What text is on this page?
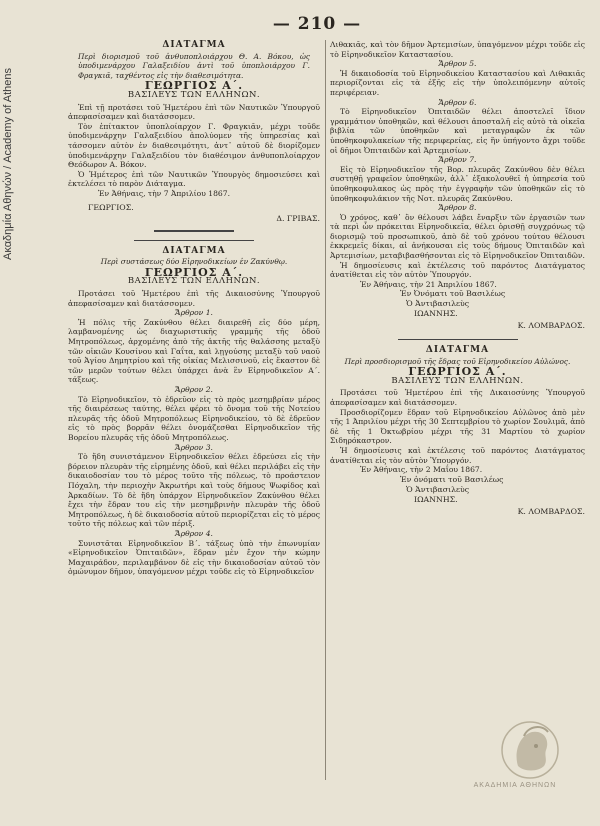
Ακαδημία Αθηνών / Academy of Athens
— 210 —
ΔΙΑΤΑΓΜΑ
Περὶ διορισμοῦ τοῦ ἀνθυποπλοιάρχου Θ. Α. Βόκου, ὡς ὑποδιμενάρχου Γαλαξειδίου ἀντὶ τοῦ ὑποπλοιάρχου Γ. Φραγκιᾶ, ταχθέντος εἰς τὴν διαθεσιμότητα.
ΓΕΩΡΓΙΟΣ Α΄.
ΒΑΣΙΛΕΥΣ ΤΩΝ ΕΛΛΗΝΩΝ.

Ἐπὶ τῇ προτάσει τοῦ Ἡμετέρου ἐπὶ τῶν Ναυτικῶν Ὑπουργοῦ ἀπεφασίσαμεν καὶ διατάσσομεν.

Τὸν ἐπίτακτον ὑποπλοίαρχον Γ. Φραγκιᾶν, μέχρι τοῦδε ὑποδιμενάρχην Γαλαξειδίου ἀπολύομεν τῆς ὑπηρεσίας καὶ τάσσομεν αὐτὸν ἐν διαθεσιμότητι, ἀντ᾽ αὐτοῦ δὲ διορίζομεν ὑποδιμενάρχην Γαλαξειδίου τὸν διαθέσιμον ἀνθυποπλοίαρχον Θεόδωρον Α. Βόκον.

Ὁ Ἡμέτερος ἐπὶ τῶν Ναυτικῶν Ὑπουργὸς δημοσιεύσει καὶ ἐκτελέσει τὸ παρὸν Διάταγμα.

Ἐν Ἀθήναις, τὴν 7 Ἀπριλίου 1867.

ΓΕΩΡΓΙΟΣ.
Δ. ΓΡΙΒΑΣ.
ΔΙΑΤΑΓΜΑ
Περὶ συστάσεως δύο Εἰρηνοδικείων ἐν Ζακύνθῳ.
ΓΕΩΡΓΙΟΣ Α΄.
ΒΑΣΙΛΕΥΣ ΤΩΝ ΕΛΛΗΝΩΝ.

Προτάσει τοῦ Ἡμετέρου ἐπὶ τῆς Δικαιοσύνης Ὑπουργοῦ ἀπεφασίσαμεν καὶ διατάσσομεν.

Ἄρθρον 1.

Ἡ πόλις τῆς Ζακύνθου θέλει διαιρεθῆ εἰς δύο μέρη, λαμβανομένης ὡς διαχωριστικῆς γραμμῆς τῆς ὁδοῦ Μητροπόλεως, ἀρχομένης ἀπὸ τῆς ἀκτῆς τῆς θαλάσσης μεταξὺ τῶν οἰκιῶν Κουσίνου καὶ Γαΐτα, καὶ λῃγούσης μεταξὺ τοῦ ναοῦ τοῦ Ἁγίου Δημητρίου καὶ τῆς οἰκίας Μελισσινοῦ, εἰς ἕκαστον δὲ τῶν μερῶν τούτων θέλει ὑπάρχει ἀνὰ ἓν Εἰρηνοδικεῖον Α΄. τάξεως.

Ἄρθρον 2.

Τὸ Εἰρηνοδικεῖον, τὸ ἑδρεῦον εἰς τὸ πρὸς μεσημβρίαν μέρος τῆς διαιρέσεως ταύτης, θέλει φέρει τὸ ὄνομα τοῦ τῆς Νοτείου πλευρᾶς τῆς ὁδοῦ Μητροπόλεως Εἰρηνοδικείου, τὸ δὲ ἑδρεῦον εἰς τὸ πρὸς βορρᾶν θέλει ὀνομάζεσθαι Εἰρηνοδικεῖον τῆς Βορείου πλευρᾶς τῆς ὁδοῦ Μητροπόλεως.

Ἄρθρον 3.

Τὸ ἤδη συνιστάμενον Εἰρηνοδικεῖον θέλει ἑδρεύσει εἰς τὴν βόρειον πλευρὰν τῆς εἰρημένης ὁδοῦ, καὶ θέλει περιλάβει εἰς τὴν δικαιοδοσίαν του τὸ μέρος τοῦτο τῆς πόλεως, τὸ προάστειον Πόχαλη, τὴν περιοχὴν Ἀκρωτήρι καὶ τοὺς δήμους Ψωφίδος καὶ Ἀρκαδίων. Τὸ δὲ ἤδη ὑπάρχον Εἰρηνοδικεῖον Ζακύνθου θέλει ἔχει τὴν ἕδραν του εἰς τὴν μεσημβρινὴν πλευρὰν τῆς ὁδοῦ Μητροπόλεως, ἡ δὲ δικαιοδοσία αὐτοῦ περιορίζεται εἰς τὸ μέρος τοῦτο τῆς πόλεως καὶ τῶν πέριξ.

Ἄρθρον 4.

Συνιστᾶται Εἰρηνοδικεῖον Β΄. τάξεως ὑπὸ τὴν ἐπωνυμίαν «Εἰρηνοδικεῖον Ὀπιταιδῶν», ἕδραν μὲν ἔχον τὴν κώμην Μαχαιράδον, περιλαμβάνον δὲ εἰς τὴν δικαιοδοσίαν αὐτοῦ τὸν ὁμώνυμον δῆμον, ὑπαγόμενον μέχρι τοῦδε εἰς τὸ Εἰρηνοδικεῖον

Λιθακιᾶς, καὶ τὸν δῆμον Ἀρτεμισίων, ὑπαγόμενον μέχρι τοῦδε εἰς τὸ Εἰρηνοδικεῖον Καταστασίου.

Ἄρθρον 5.

Ἡ δικαιοδοσία τοῦ Εἰρηνοδικείου Καταστασίου καὶ Λιθακιᾶς περιορίζονται εἰς τὰ ἐξῆς εἰς τὴν ὑπολειπόμενην αὐτοῖς περιφέρειαν.

Ἄρθρον 6.

Τὸ Εἰρηνοδικεῖον Ὀπιταιδῶν θέλει ἀποστελεῖ ἴδιον γραμμάτιον ὑποθηκῶν, καὶ θέλουσι ἀποσταλῆ εἰς αὐτὸ τὰ οἰκεῖα βιβλία τῶν ὑποθηκῶν καὶ μεταγραφῶν ἐκ τῶν ὑποθηκοφυλακείων τῆς περιφερείας, εἰς ἣν ὑπήγοντο ἄχρι τοῦδε οἱ δῆμοι Ὀπιταιδῶν καὶ Ἀρτεμισίων.

Ἄρθρον 7.

Εἰς τὸ Εἰρηνοδικεῖον τῆς Βορ. πλευρᾶς Ζακύνθου δὲν θέλει συστηθῇ γραφεῖον ὑποθηκῶν, ἀλλ᾽ ἐξακολουθεῖ ἡ ὑπηρεσία τοῦ ὑποθηκοφυλακος ὡς πρὸς τὴν ἐγγραφὴν τῶν ὑποθηκῶν εἰς τὸ ὑποθηκοφυλάκιον τῆς Νοτ. πλευρᾶς Ζακύνθου.

Ἄρθρον 8.

Ὁ χρόνος, καθ᾽ ὃν θέλουσι λάβει ἔναρξιν τῶν ἐργασιῶν των τὰ περὶ ὧν πρόκειται Εἰρηνοδικεῖα, θέλει ὁρισθῇ συγχρόνως τῷ διορισμῷ τοῦ προσωπικοῦ, ἀπὸ δὲ τοῦ χρόνου τούτου θέλουσι ἐκκρεμεῖς δίκαι, αἱ ἀνήκουσαι εἰς τοὺς δήμους Ὀπιταιδῶν καὶ Ἀρτεμισίων, μεταβιβασθήσονται εἰς τὸ Εἰρηνοδικεῖον Ὀπιταιδῶν.

Ἡ δημοσίευσις καὶ ἐκτέλεσις τοῦ παρόντος Διατάγματος ἀνατίθεται εἰς τὸν αὐτὸν Ὑπουργόν.

Ἐν Ἀθήναις, τὴν 21 Ἀπριλίου 1867.

Ἐν Ὀνόματι τοῦ Βασιλέως
Ὁ Ἀντιβασιλεὺς
ΙΩΑΝΝΗΣ.
Κ. ΛΟΜΒΑΡΔΟΣ.
ΔΙΑΤΑΓΜΑ
Περὶ προσδιορισμοῦ τῆς ἕδρας τοῦ Εἰρηνοδικείου Αὐλώνος.
ΓΕΩΡΓΙΟΣ Α΄.
ΒΑΣΙΛΕΥΣ ΤΩΝ ΕΛΛΗΝΩΝ.

Προτάσει τοῦ Ἡμετέρου ἐπὶ τῆς Δικαιοσύνης Ὑπουργοῦ ἀπεφασίσαμεν καὶ διατάσσομεν.

Προσδιορίζομεν ἕδραν τοῦ Εἰρηνοδικείου Αὐλῶνος ἀπὸ μὲν τῆς 1 Ἀπριλίου μέχρι τῆς 30 Σεπτεμβρίου τὸ χωρίον Σουλιμᾶ, ἀπὸ δὲ τῆς 1 Ὀκτωβρίου μέχρι τῆς 31 Μαρτίου τὸ χωρίον Σιδηρόκαστρον.

Ἡ δημοσίευσις καὶ ἐκτέλεσις τοῦ παρόντος Διατάγματος ἀνατίθεται εἰς τὸν αὐτὸν Ὑπουργόν.

Ἐν Ἀθήναις, τὴν 2 Μαΐου 1867.

Ἐν ὀνόματι τοῦ Βασιλέως
Ὁ Ἀντιβασιλεὺς
ΙΩΑΝΝΗΣ.
Κ. ΛΟΜΒΑΡΔΟΣ.
ΑΚΑΔΗΜΙΑ ΑΘΗΝΩΝ
